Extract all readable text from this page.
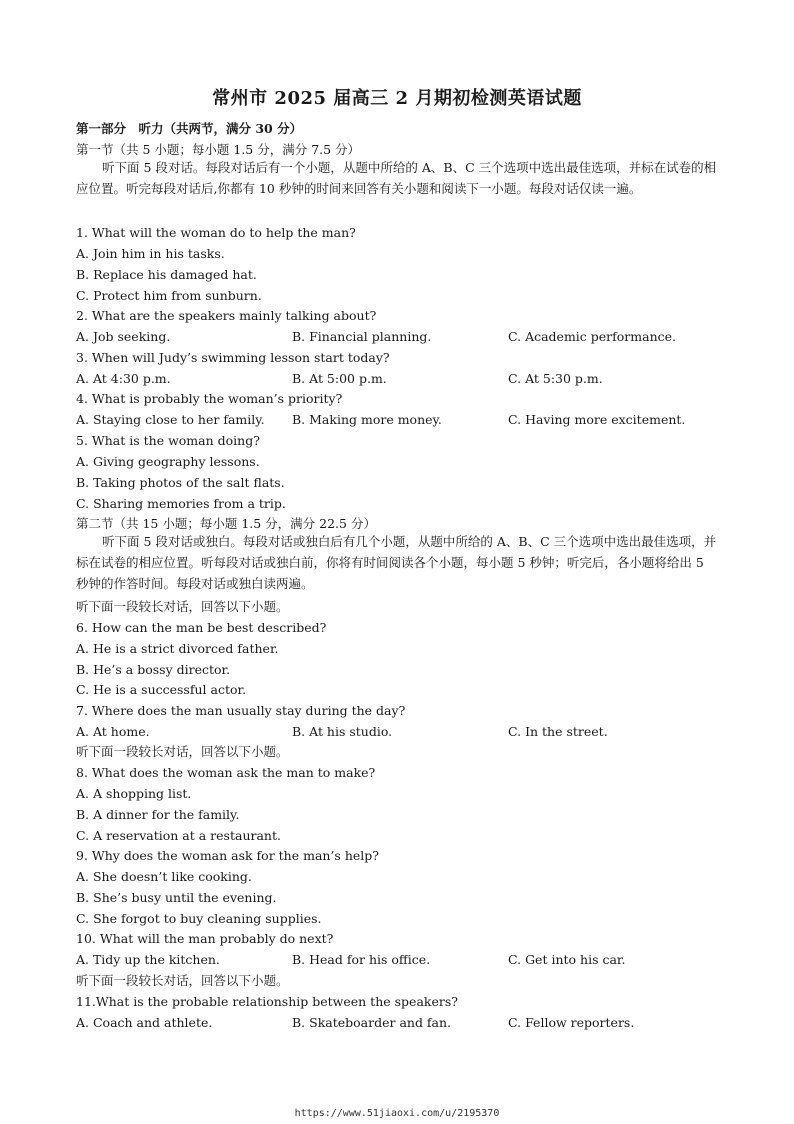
常州市 2025 届高三 2 月期初检测英语试题
第一部分　听力（共两节，满分 30 分）
第一节（共 5 小题；每小题 1.5 分，满分 7.5 分）

听下面 5 段对话。每段对话后有一个小题，从题中所给的 A、B、C 三个选项中选出最佳选项，并标在试卷的相应位置。听完每段对话后,你都有 10 秒钟的时间来回答有关小题和阅读下一小题。每段对话仅读一遍。

1. What will the woman do to help the man?
A. Join him in his tasks.
B. Replace his damaged hat.
C. Protect him from sunburn.
2. What are the speakers mainly talking about?
A. Job seeking.	B. Financial planning.	C. Academic performance.
3. When will Judy’s swimming lesson start today?
A. At 4:30 p.m.	B. At 5:00 p.m.	C. At 5:30 p.m.
4. What is probably the woman’s priority?
A. Staying close to her family. B. Making more money.	C. Having more excitement.
5. What is the woman doing?
A. Giving geography lessons.
B. Taking photos of the salt flats.
C. Sharing memories from a trip.
第二节（共 15 小题；每小题 1.5 分，满分 22.5 分）

听下面 5 段对话或独白。每段对话或独白后有几个小题，从题中所给的 A、B、C 三个选项中选出最佳选项，并标在试卷的相应位置。听每段对话或独白前，你将有时间阅读各个小题，每小题 5 秒钟；听完后，各小题将给出 5 秒钟的作答时间。每段对话或独白读两遍。

听下面一段较长对话，回答以下小题。
6. How can the man be best described?
A. He is a strict divorced father.
B. He’s a bossy director.
C. He is a successful actor.
7. Where does the man usually stay during the day?
A. At home.	B. At his studio.	C. In the street.
听下面一段较长对话，回答以下小题。
8. What does the woman ask the man to make?
A. A shopping list.
B. A dinner for the family.
C. A reservation at a restaurant.
9. Why does the woman ask for the man’s help?
A. She doesn’t like cooking.
B. She’s busy until the evening.
C. She forgot to buy cleaning supplies.
10. What will the man probably do next?
A. Tidy up the kitchen.	B. Head for his office.	C. Get into his car.
听下面一段较长对话，回答以下小题。
11.What is the probable relationship between the speakers?
A. Coach and athlete.	B. Skateboarder and fan.	C. Fellow reporters.
https://www.51jiaoxi.com/u/2195370
